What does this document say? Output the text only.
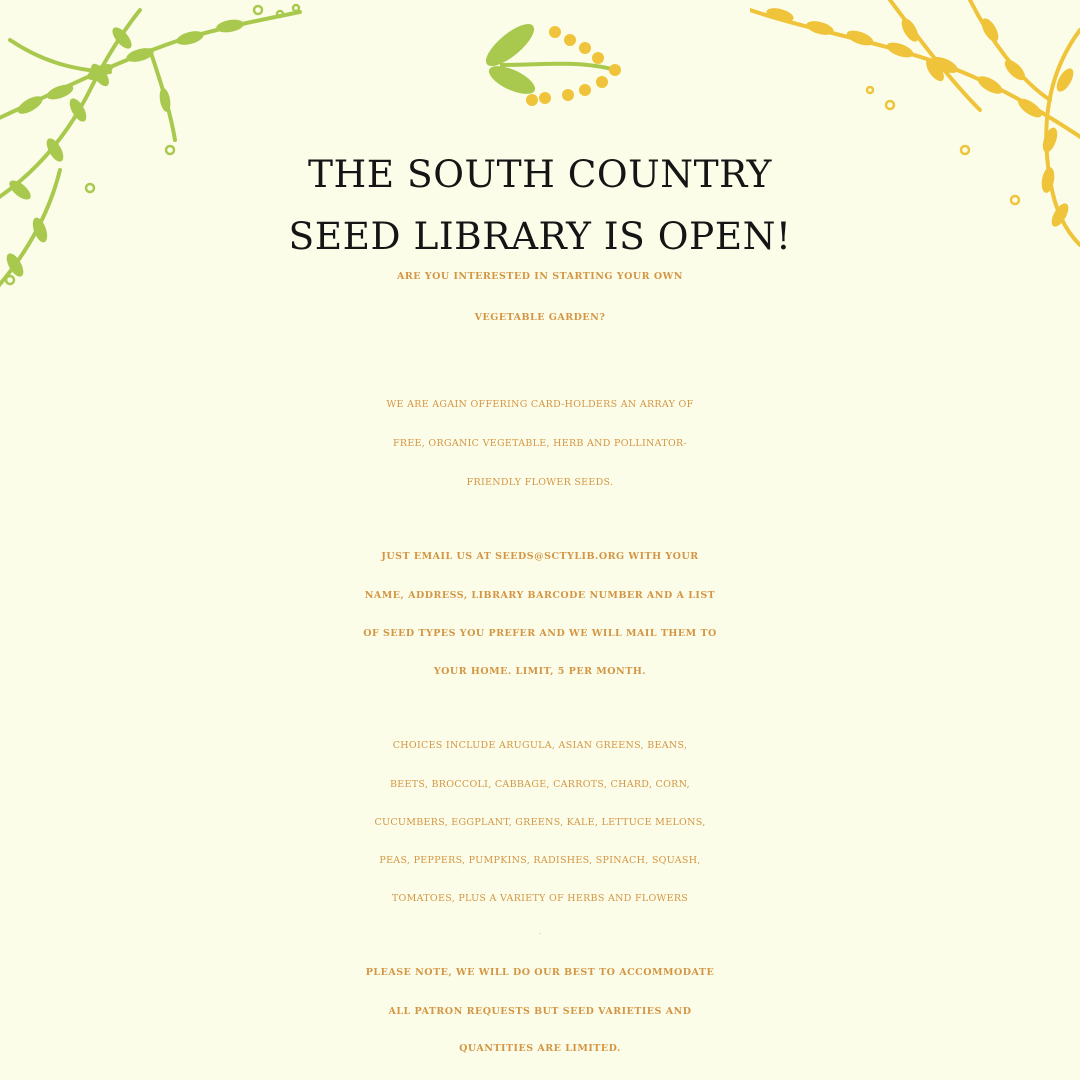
THE SOUTH COUNTRY
SEED LIBRARY IS OPEN!
ARE YOU INTERESTED IN STARTING YOUR OWN
VEGETABLE GARDEN?
WE ARE AGAIN OFFERING CARD-HOLDERS AN ARRAY OF
FREE, ORGANIC VEGETABLE, HERB AND POLLINATOR-
FRIENDLY FLOWER SEEDS.
JUST EMAIL US AT SEEDS@SCTYLIB.ORG WITH YOUR
NAME, ADDRESS, LIBRARY BARCODE NUMBER AND A LIST
OF SEED TYPES YOU PREFER AND WE WILL MAIL THEM TO
YOUR HOME. LIMIT, 5 PER MONTH.
CHOICES INCLUDE ARUGULA, ASIAN GREENS, BEANS,
BEETS, BROCCOLI, CABBAGE, CARROTS, CHARD, CORN,
CUCUMBERS, EGGPLANT, GREENS, KALE, LETTUCE MELONS,
PEAS, PEPPERS, PUMPKINS, RADISHES, SPINACH, SQUASH,
TOMATOES, PLUS A VARIETY OF HERBS AND FLOWERS
.
PLEASE NOTE, WE WILL DO OUR BEST TO ACCOMMODATE
ALL PATRON REQUESTS BUT SEED VARIETIES AND
QUANTITIES ARE LIMITED.
